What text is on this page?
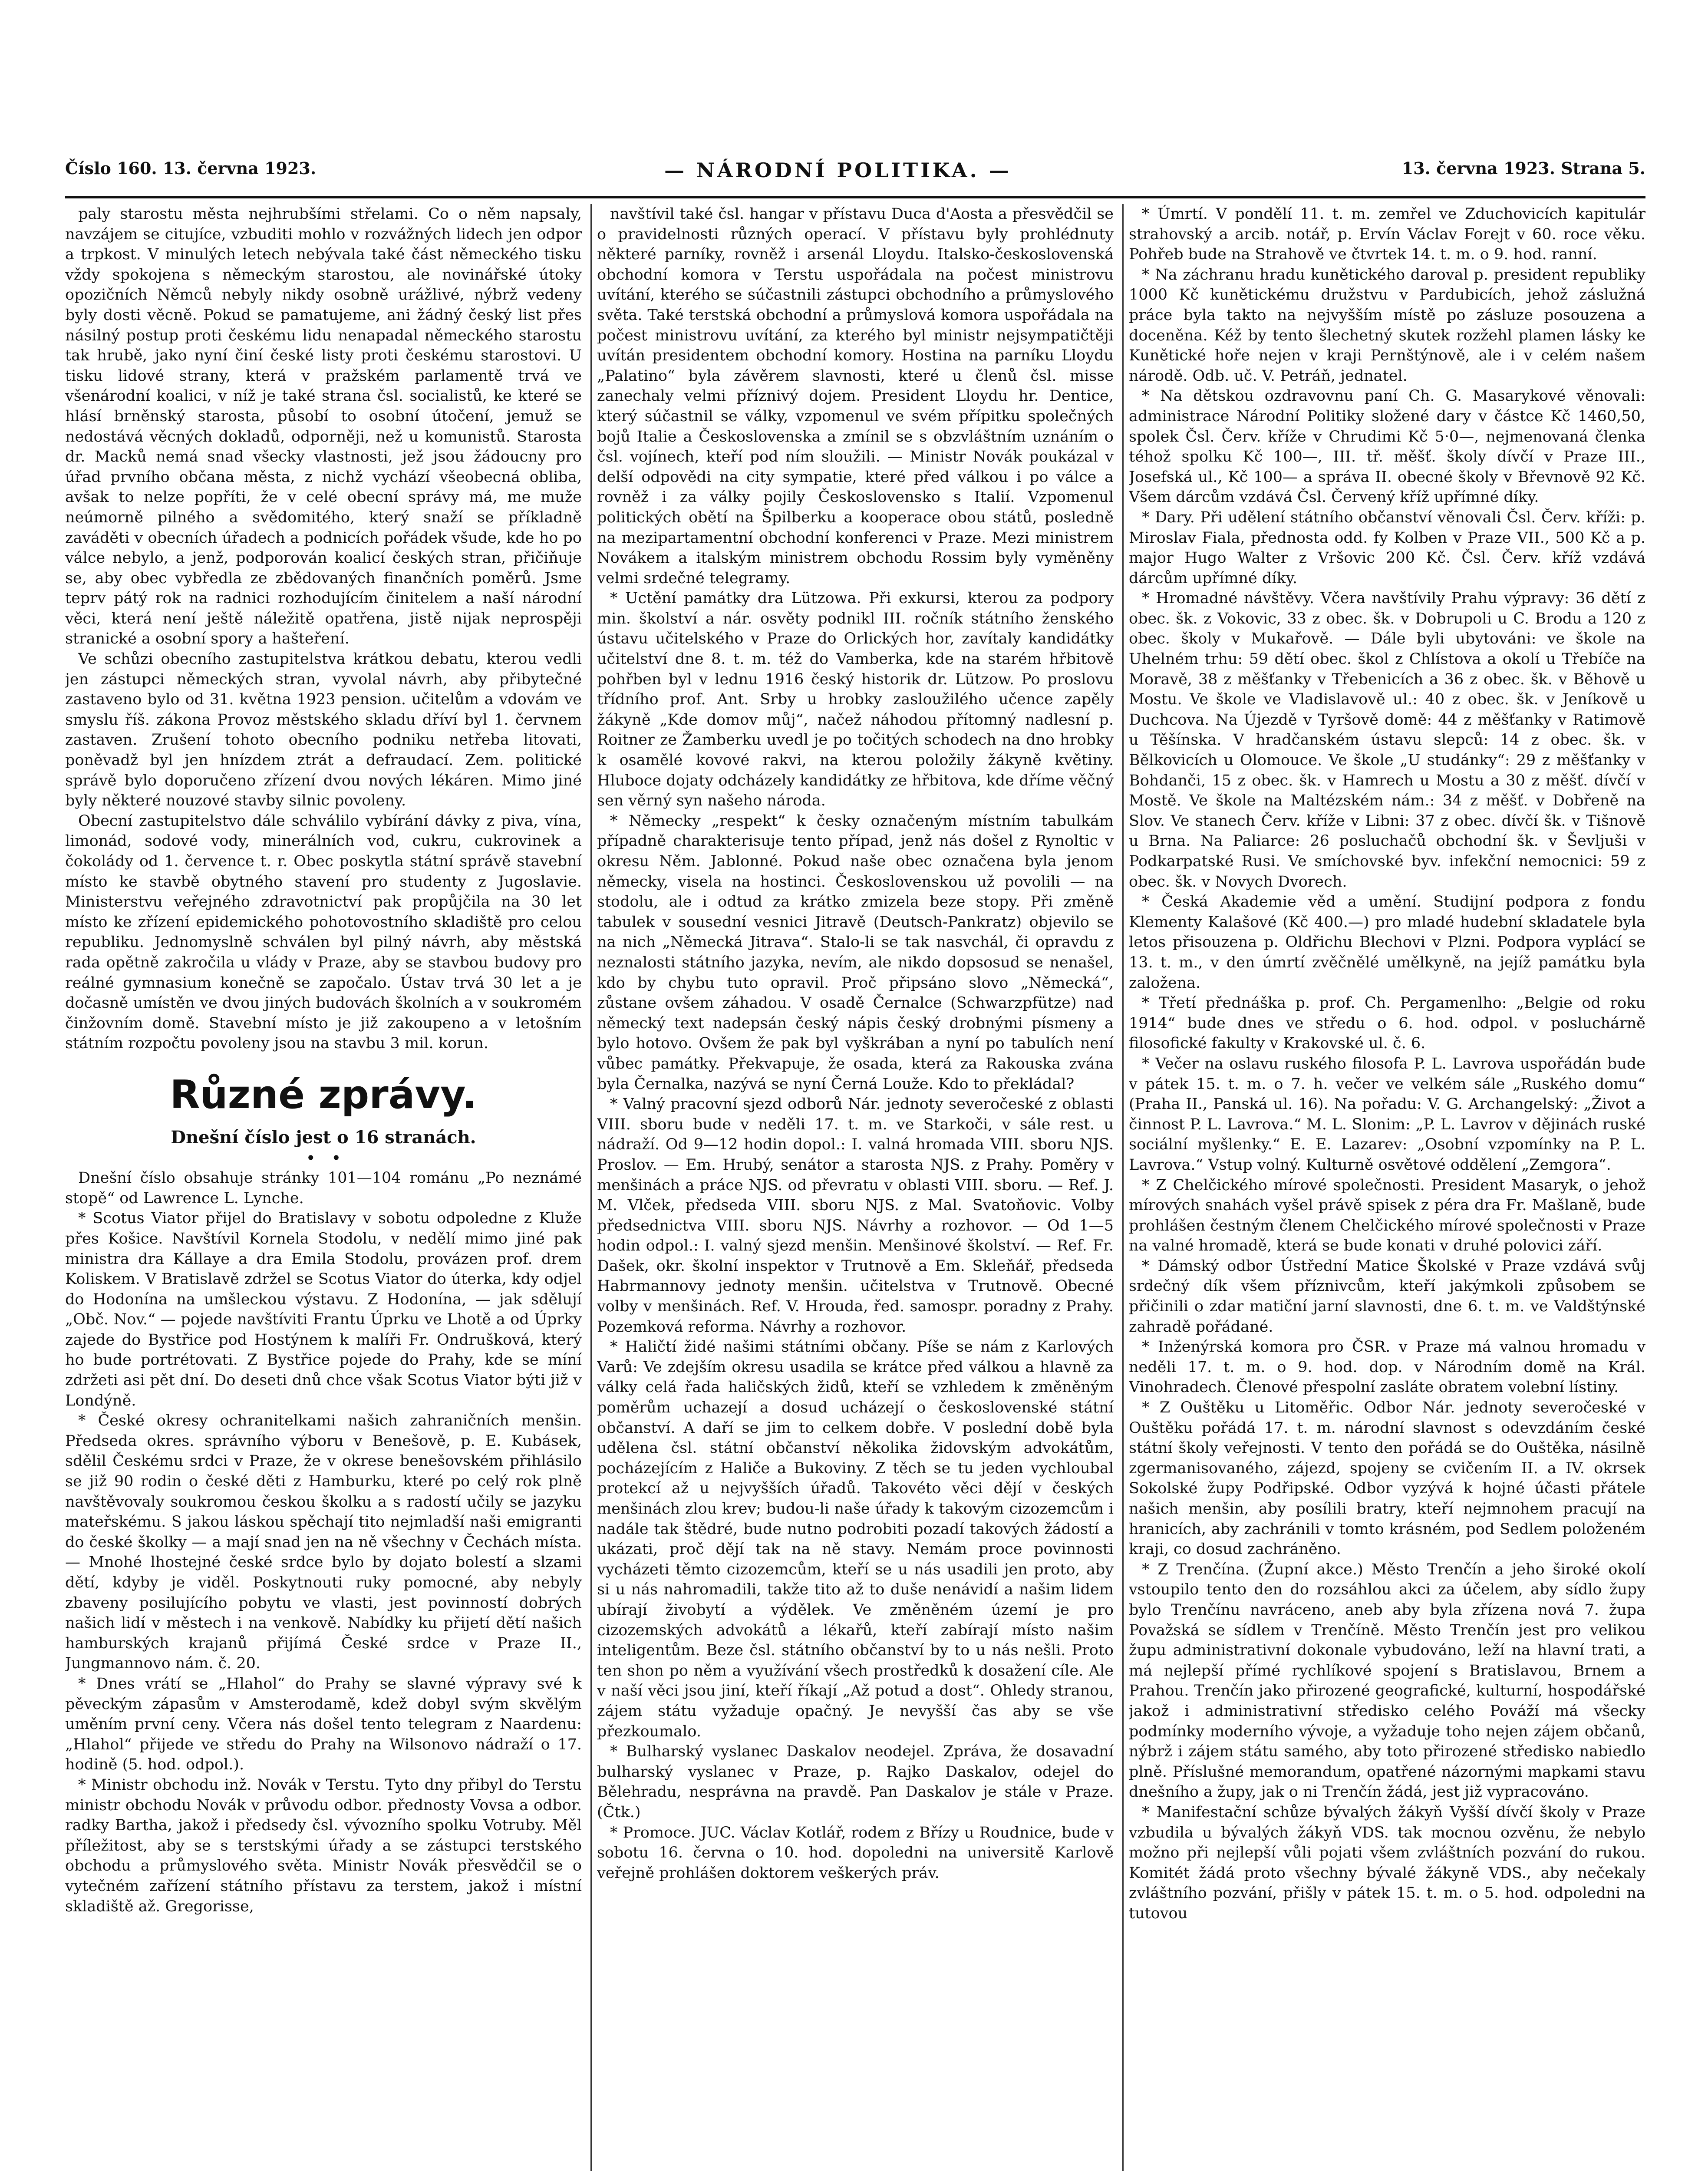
Číslo 160. 13. června 1923.	— NÁRODNÍ POLITIKA. —	13. června 1923. Strana 5.

paly starostu města nejhrubšími střelami. Co o něm napsaly, navzájem se citujíce, vzbuditi mohlo v rozvážných lidech jen odpor a trpkost. V minulých letech nebývala také část německého tisku vždy spokojena s německým starostou, ale novinářské útoky opozičních Němců nebyly nikdy osobně urážlivé, nýbrž vedeny byly dosti věcně. Pokud se pamatujeme, ani žádný český list přes násilný postup proti českému lidu nenapadal německého starostu tak hrubě, jako nyní činí české listy proti českému starostovi. U tisku lidové strany, která v pražském parlamentě trvá ve všenárodní koalici, v níž je také strana čsl. socialistů, ke které se hlásí brněnský starosta, působí to osobní útočení, jemuž se nedostává věcných dokladů, odporněji, než u komunistů. Starosta dr. Macků nemá snad všecky vlastnosti, jež jsou žádoucny pro úřad prvního občana města, z nichž vychází všeobecná obliba, avšak to nelze popříti, že v celé obecní správy má, me muže neúmorně pilného a svědomitého, který snaží se příkladně zaváděti v obecních úřadech a podnicích pořádek všude, kde ho po válce nebylo, a jenž, podporován koalicí českých stran, přičiňuje se, aby obec vybředla ze zbědovaných finančních poměrů. Jsme teprv pátý rok na radnici rozhodujícím činitelem a naší národní věci, která není ještě náležitě opatřena, jistě nijak neprospěji stranické a osobní spory a hašteření.

Ve schůzi obecního zastupitelstva krátkou debatu, kterou vedli jen zástupci německých stran, vyvolal návrh, aby přibytečné zastaveno bylo od 31. května 1923 pension. učitelům a vdovám ve smyslu říš. zákona Provoz městského skladu dříví byl 1. červnem zastaven. Zrušení tohoto obecního podniku netřeba litovati, poněvadž byl jen hnízdem ztrát a defraudací. Zem. politické správě bylo doporučeno zřízení dvou nových lékáren. Mimo jiné byly některé nouzové stavby silnic povoleny.

Obecní zastupitelstvo dále schválilo vybírání dávky z piva, vína, limonád, sodové vody, minerálních vod, cukru, cukrovinek a čokolády od 1. července t. r. Obec poskytla státní správě stavební místo ke stavbě obytného stavení pro studenty z Jugoslavie. Ministerstvu veřejného zdravotnictví pak propůjčila na 30 let místo ke zřízení epidemického pohotovostního skladiště pro celou republiku. Jednomyslně schválen byl pilný návrh, aby městská rada opětně zakročila u vlády v Praze, aby se stavbou budovy pro reálné gymnasium konečně se započalo. Ústav trvá 30 let a je dočasně umístěn ve dvou jiných budovách školních a v soukromém činžovním domě. Stavební místo je již zakoupeno a v letošním státním rozpočtu povoleny jsou na stavbu 3 mil. korun.

Různé zprávy.
Dnešní číslo jest o 16 stranách.
•   •

Dnešní číslo obsahuje stránky 101—104 románu „Po neznámé stopě“ od Lawrence L. Lynche.

* Scotus Viator přijel do Bratislavy v sobotu odpoledne z Kluže přes Košice. Navštívil Kornela Stodolu, v nedělí mimo jiné pak ministra dra Kállaye a dra Emila Stodolu, provázen prof. drem Koliskem. V Bratislavě zdržel se Scotus Viator do úterka, kdy odjel do Hodonína na umšleckou výstavu. Z Hodonína, — jak sdělují „Obč. Nov.“ — pojede navštíviti Frantu Úprku ve Lhotě a od Úprky zajede do Bystřice pod Hostýnem k malíři Fr. Ondrušková, který ho bude portrétovati. Z Bystřice pojede do Prahy, kde se míní zdržeti asi pět dní. Do deseti dnů chce však Scotus Viator býti již v Londýně.

* České okresy ochranitelkami našich zahraničních menšin. Předseda okres. správního výboru v Benešově, p. E. Kubásek, sdělil Českému srdci v Praze, že v okrese benešovském přihlásilo se již 90 rodin o české děti z Hamburku, které po celý rok plně navštěvovaly soukromou českou školku a s radostí učily se jazyku mateřskému. S jakou láskou spěchají tito nejmladší naši emigranti do české školky — a mají snad jen na ně všechny v Čechách místa. — Mnohé lhostejné české srdce bylo by dojato bolestí a slzami dětí, kdyby je viděl. Poskytnouti ruky pomocné, aby nebyly zbaveny posilujícího pobytu ve vlasti, jest povinností dobrých našich lidí v městech i na venkově. Nabídky ku přijetí dětí našich hamburských krajanů přijímá České srdce v Praze II., Jungmannovo nám. č. 20.

* Dnes vrátí se „Hlahol“ do Prahy se slavné výpravy své k pěveckým zápasům v Amsterodamě, kdež dobyl svým skvělým uměním první ceny. Včera nás došel tento telegram z Naardenu: „Hlahol“ přijede ve středu do Prahy na Wilsonovo nádraží o 17. hodině (5. hod. odpol.).

* Ministr obchodu inž. Novák v Terstu. Tyto dny přibyl do Terstu ministr obchodu Novák v průvodu odbor. přednosty Vovsa a odbor. radky Bartha, jakož i předsedy čsl. vývozního spolku Votruby. Měl příležitost, aby se s terstskými úřady a se zástupci terstského obchodu a průmyslového světa. Ministr Novák přesvědčil se o vytečném zařízení státního přístavu za terstem, jakož i místní skladiště až. Gregorisse,

navštívil také čsl. hangar v přístavu Duca d'Aosta a přesvědčil se o pravidelnosti různých operací. V přístavu byly prohlédnuty některé parníky, rovněž i arsenál Lloydu. Italsko-československá obchodní komora v Terstu uspořádala na počest ministrovu uvítání, kterého se súčastnili zástupci obchodního a průmyslového světa. Také terstská obchodní a průmyslová komora uspořádala na počest ministrovu uvítání, za kterého byl ministr nejsympatičtěji uvítán presidentem obchodní komory. Hostina na parníku Lloydu „Palatino“ byla závěrem slavnosti, které u členů čsl. misse zanechaly velmi příznivý dojem. President Lloydu hr. Dentice, který súčastnil se války, vzpomenul ve svém přípitku společných bojů Italie a Československa a zmínil se s obzvláštním uznáním o čsl. vojínech, kteří pod ním sloužili. — Ministr Novák poukázal v delší odpovědi na city sympatie, které před válkou i po válce a rovněž i za války pojily Československo s Italií. Vzpomenul politických obětí na Špilberku a kooperace obou států, posledně na mezipartamentní obchodní konferenci v Praze. Mezi ministrem Novákem a italským ministrem obchodu Rossim byly vyměněny velmi srdečné telegramy.

* Uctění památky dra Lützowa. Při exkursi, kterou za podpory min. školství a nár. osvěty podnikl III. ročník státního ženského ústavu učitelského v Praze do Orlických hor, zavítaly kandidátky učitelství dne 8. t. m. též do Vamberka, kde na starém hřbitově pohřben byl v lednu 1916 český historik dr. Lützow. Po proslovu třídního prof. Ant. Srby u hrobky zasloužilého učence zapěly žákyně „Kde domov můj“, načež náhodou přítomný nadlesní p. Roitner ze Žamberku uvedl je po točitých schodech na dno hrobky k osamělé kovové rakvi, na kterou položily žákyně květiny. Hluboce dojaty odcházely kandidátky ze hřbitova, kde dříme věčný sen věrný syn našeho národa.

* Německy „respekt“ k česky označeným místním tabulkám případně charakterisuje tento případ, jenž nás došel z Rynoltic v okresu Něm. Jablonné. Pokud naše obec označena byla jenom německy, visela na hostinci. Československou už povolili — na stodolu, ale i odtud za krátko zmizela beze stopy. Při změně tabulek v sousední vesnici Jitravě (Deutsch-Pankratz) objevilo se na nich „Německá Jitrava“. Stalo-li se tak nasvchál, či opravdu z neznalosti státního jazyka, nevím, ale nikdo dopsosud se nenašel, kdo by chybu tuto opravil. Proč připsáno slovo „Německá“, zůstane ovšem záhadou. V osadě Černalce (Schwarzpfütze) nad německý text nadepsán český nápis český drobnými písmeny a bylo hotovo. Ovšem že pak byl vyškrában a nyní po tabulích není vůbec památky. Překvapuje, že osada, která za Rakouska zvána byla Černalka, nazývá se nyní Černá Louže. Kdo to překládal?

* Valný pracovní sjezd odborů Nár. jednoty severočeské z oblasti VIII. sboru bude v neděli 17. t. m. ve Starkoči, v sále rest. u nádraží. Od 9—12 hodin dopol.: I. valná hromada VIII. sboru NJS. Proslov. — Em. Hrubý, senátor a starosta NJS. z Prahy. Poměry v menšinách a práce NJS. od převratu v oblasti VIII. sboru. — Ref. J. M. Vlček, předseda VIII. sboru NJS. z Mal. Svatoňovic. Volby předsednictva VIII. sboru NJS. Návrhy a rozhovor. — Od 1—5 hodin odpol.: I. valný sjezd menšin. Menšinové školství. — Ref. Fr. Dašek, okr. školní inspektor v Trutnově a Em. Skleňář, předseda Habrmannovy jednoty menšin. učitelstva v Trutnově. Obecné volby v menšinách. Ref. V. Hrouda, řed. samospr. poradny z Prahy. Pozemková reforma. Návrhy a rozhovor.

* Haličtí židé našimi státními občany. Píše se nám z Karlových Varů: Ve zdejším okresu usadila se krátce před válkou a hlavně za války celá řada haličských židů, kteří se vzhledem k změněným poměrům uchazejí a dosud ucházejí o československé státní občanství. A daří se jim to celkem dobře. V poslední době byla udělena čsl. státní občanství několika židovským advokátům, pocházejícím z Haliče a Bukoviny. Z těch se tu jeden vychloubal protekcí až u nejvyšších úřadů. Takovéto věci dějí v českých menšinách zlou krev; budou-li naše úřady k takovým cizozemcům i nadále tak štědré, bude nutno podrobiti pozadí takových žádostí a ukázati, proč dějí tak na ně stavy. Nemám proce povinnosti vycházeti těmto cizozemcům, kteří se u nás usadili jen proto, aby si u nás nahromadili, takže tito až to duše nenávidí a našim lidem ubírají živobytí a výdělek. Ve změněném území je pro cizozemských advokátů a lékařů, kteří zabírají místo našim inteligentům. Beze čsl. státního občanství by to u nás nešli. Proto ten shon po něm a využívání všech prostředků k dosažení cíle. Ale v naší věci jsou jiní, kteří říkají „Až potud a dost“. Ohledy stranou, zájem státu vyžaduje opačný. Je nevyšší čas aby se vše přezkoumalo.

* Bulharský vyslanec Daskalov neodejel. Zpráva, že dosavadní bulharský vyslanec v Praze, p. Rajko Daskalov, odejel do Bělehradu, nesprávna na pravdě. Pan Daskalov je stále v Praze. (Čtk.)

* Promoce. JUC. Václav Kotlář, rodem z Břízy u Roudnice, bude v sobotu 16. června o 10. hod. dopoledni na universitě Karlově veřejně prohlášen doktorem veškerých práv.

* Úmrtí. V pondělí 11. t. m. zemřel ve Zduchovicích kapitulár strahovský a arcib. notář, p. Ervín Václav Forejt v 60. roce věku. Pohřeb bude na Strahově ve čtvrtek 14. t. m. o 9. hod. ranní.

* Na záchranu hradu kunětického daroval p. president republiky 1000 Kč kunětickému družstvu v Pardubicích, jehož záslužná práce byla takto na nejvyšším místě po zásluze posouzena a doceněna. Kéž by tento šlechetný skutek rozžehl plamen lásky ke Kunětické hoře nejen v kraji Pernštýnově, ale i v celém našem národě. Odb. uč. V. Petráň, jednatel.

* Na dětskou ozdravovnu paní Ch. G. Masarykové věnovali: administrace Národní Politiky složené dary v částce Kč 1460,50, spolek Čsl. Červ. kříže v Chrudimi Kč 5·0—, nejmenovaná členka téhož spolku Kč 100—, III. tř. měšť. školy dívčí v Praze III., Josefská ul., Kč 100— a správa II. obecné školy v Břevnově 92 Kč. Všem dárcům vzdává Čsl. Červený kříž upřímné díky.

* Dary. Při udělení státního občanství věnovali Čsl. Červ. kříži: p. Miroslav Fiala, přednosta odd. fy Kolben v Praze VII., 500 Kč a p. major Hugo Walter z Vršovic 200 Kč. Čsl. Červ. kříž vzdává dárcům upřímné díky.

* Hromadné návštěvy. Včera navštívily Prahu výpravy: 36 dětí z obec. šk. z Vokovic, 33 z obec. šk. v Dobrupoli u C. Brodu a 120 z obec. školy v Mukařově. — Dále byli ubytováni: ve škole na Uhelném trhu: 59 dětí obec. škol z Chlístova a okolí u Třebíče na Moravě, 38 z měšťanky v Třebenicích a 36 z obec. šk. v Běhově u Mostu. Ve škole ve Vladislavově ul.: 40 z obec. šk. v Jeníkově u Duchcova. Na Újezdě v Tyršově domě: 44 z měšťanky v Ratimově u Těšínska. V hradčanském ústavu slepců: 14 z obec. šk. v Bělkovicích u Olomouce. Ve škole „U studánky“: 29 z měšťanky v Bohdanči, 15 z obec. šk. v Hamrech u Mostu a 30 z měšť. dívčí v Mostě. Ve škole na Maltézském nám.: 34 z měšť. v Dobřeně na Slov. Ve stanech Červ. kříže v Libni: 37 z obec. dívčí šk. v Tišnově u Brna. Na Paliarce: 26 posluchačů obchodní šk. v Ševljuši v Podkarpatské Rusi. Ve smíchovské byv. infekční nemocnici: 59 z obec. šk. v Novych Dvorech.

* Česká Akademie věd a umění. Studijní podpora z fondu Klementy Kalašové (Kč 400.—) pro mladé hudební skladatele byla letos přisouzena p. Oldřichu Blechovi v Plzni. Podpora vyplácí se 13. t. m., v den úmrtí zvěčnělé umělkyně, na jejíž památku byla založena.

* Třetí přednáška p. prof. Ch. Pergamenlho: „Belgie od roku 1914“ bude dnes ve středu o 6. hod. odpol. v posluchárně filosofické fakulty v Krakovské ul. č. 6.

* Večer na oslavu ruského filosofa P. L. Lavrova uspořádán bude v pátek 15. t. m. o 7. h. večer ve velkém sále „Ruského domu“ (Praha II., Panská ul. 16). Na pořadu: V. G. Archangelský: „Život a činnost P. L. Lavrova.“ M. L. Slonim: „P. L. Lavrov v dějinách ruské sociální myšlenky.“ E. E. Lazarev: „Osobní vzpomínky na P. L. Lavrova.“ Vstup volný. Kulturně osvětové oddělení „Zemgora“.

* Z Chelčického mírové společnosti. President Masaryk, o jehož mírových snahách vyšel právě spisek z péra dra Fr. Mašlaně, bude prohlášen čestným členem Chelčického mírové společnosti v Praze na valné hromadě, která se bude konati v druhé polovici září.

* Dámský odbor Ústřední Matice Školské v Praze vzdává svůj srdečný dík všem příznivcům, kteří jakýmkoli způsobem se přičinili o zdar matiční jarní slavnosti, dne 6. t. m. ve Valdštýnské zahradě pořádané.

* Inženýrská komora pro ČSR. v Praze má valnou hromadu v neděli 17. t. m. o 9. hod. dop. v Národním domě na Král. Vinohradech. Členové přespolní zasláte obratem volební lístiny.

* Z Ouštěku u Litoměřic. Odbor Nár. jednoty severočeské v Ouštěku pořádá 17. t. m. národní slavnost s odevzdáním české státní školy veřejnosti. V tento den pořádá se do Ouštěka, násilně zgermanisovaného, zájezd, spojeny se cvičením II. a IV. okrsek Sokolské župy Podřipské. Odbor vyzývá k hojné účasti přátele našich menšin, aby posílili bratry, kteří nejmnohem pracují na hranicích, aby zachránili v tomto krásném, pod Sedlem položeném kraji, co dosud zachráněno.

* Z Trenčína. (Župní akce.) Město Trenčín a jeho široké okolí vstoupilo tento den do rozsáhlou akci za účelem, aby sídlo župy bylo Trenčínu navráceno, aneb aby byla zřízena nová 7. župa Považská se sídlem v Trenčíně. Město Trenčín jest pro velikou župu administrativní dokonale vybudováno, leží na hlavní trati, a má nejlepší přímé rychlíkové spojení s Bratislavou, Brnem a Prahou. Trenčín jako přirozené geografické, kulturní, hospodářské jakož i administrativní středisko celého Pováží má všecky podmínky moderního vývoje, a vyžaduje toho nejen zájem občanů, nýbrž i zájem státu samého, aby toto přirozené středisko nabiedlo plně. Příslušné memorandum, opatřené názornými mapkami stavu dnešního a župy, jak o ni Trenčín žádá, jest již vypracováno.

* Manifestační schůze bývalých žákyň Vyšší dívčí školy v Praze vzbudila u bývalých žákyň VDS. tak mocnou ozvěnu, že nebylo možno při nejlepší vůli pojati všem zvláštních pozvání do rukou. Komitét žádá proto všechny bývalé žákyně VDS., aby nečekaly zvláštního pozvání, přišly v pátek 15. t. m. o 5. hod. odpoledni na tutovou
